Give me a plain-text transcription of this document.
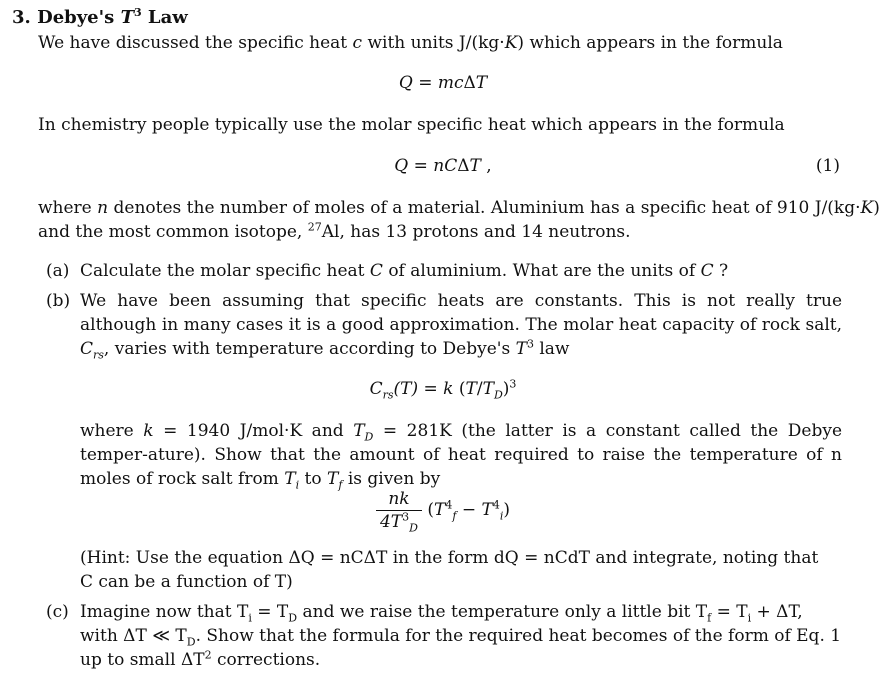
3. Debye's $T^3$ Law
We have discussed the specific heat c with units J/(kg·K) which appears in the formula
Q = mcΔT
In chemistry people typically use the molar specific heat which appears in the formula
Q = nCΔT ,	(1)
where n denotes the number of moles of a material. Aluminium has a specific heat of 910 J/(kg·K)
and the most common isotope, $^{27}$Al, has 13 protons and 14 neutrons.
(a) Calculate the molar specific heat C of aluminium. What are the units of C ?
(b) We have been assuming that specific heats are constants. This is not really true although in many cases it is a good approximation. The molar heat capacity of rock salt, $C_{rs}$, varies with temperature according to Debye's $T^3$ law
$C_{rs}(T) = k$ $(T/T_D)^3$
where k = 1940 J/mol·K and $T_D = 281K$ (the latter is a constant called the Debye temper-ature). Show that the amount of heat required to raise the temperature of n moles of rock salt from $T_i$ to $T_f$ is given by
$\frac{nk}{4T^3_D} (T^4_f - T^4_i)$
(Hint: Use the equation ΔQ = nCΔT in the form dQ = nCdT and integrate, noting that
C can be a function of T)
(c) Imagine now that $T_i = T_D$ and we raise the temperature only a little bit $T_f = T_i + \Delta T$,
with ΔT ≪ $T_D$. Show that the formula for the required heat becomes of the form of Eq. 1
up to small $\Delta T^2$ corrections.
